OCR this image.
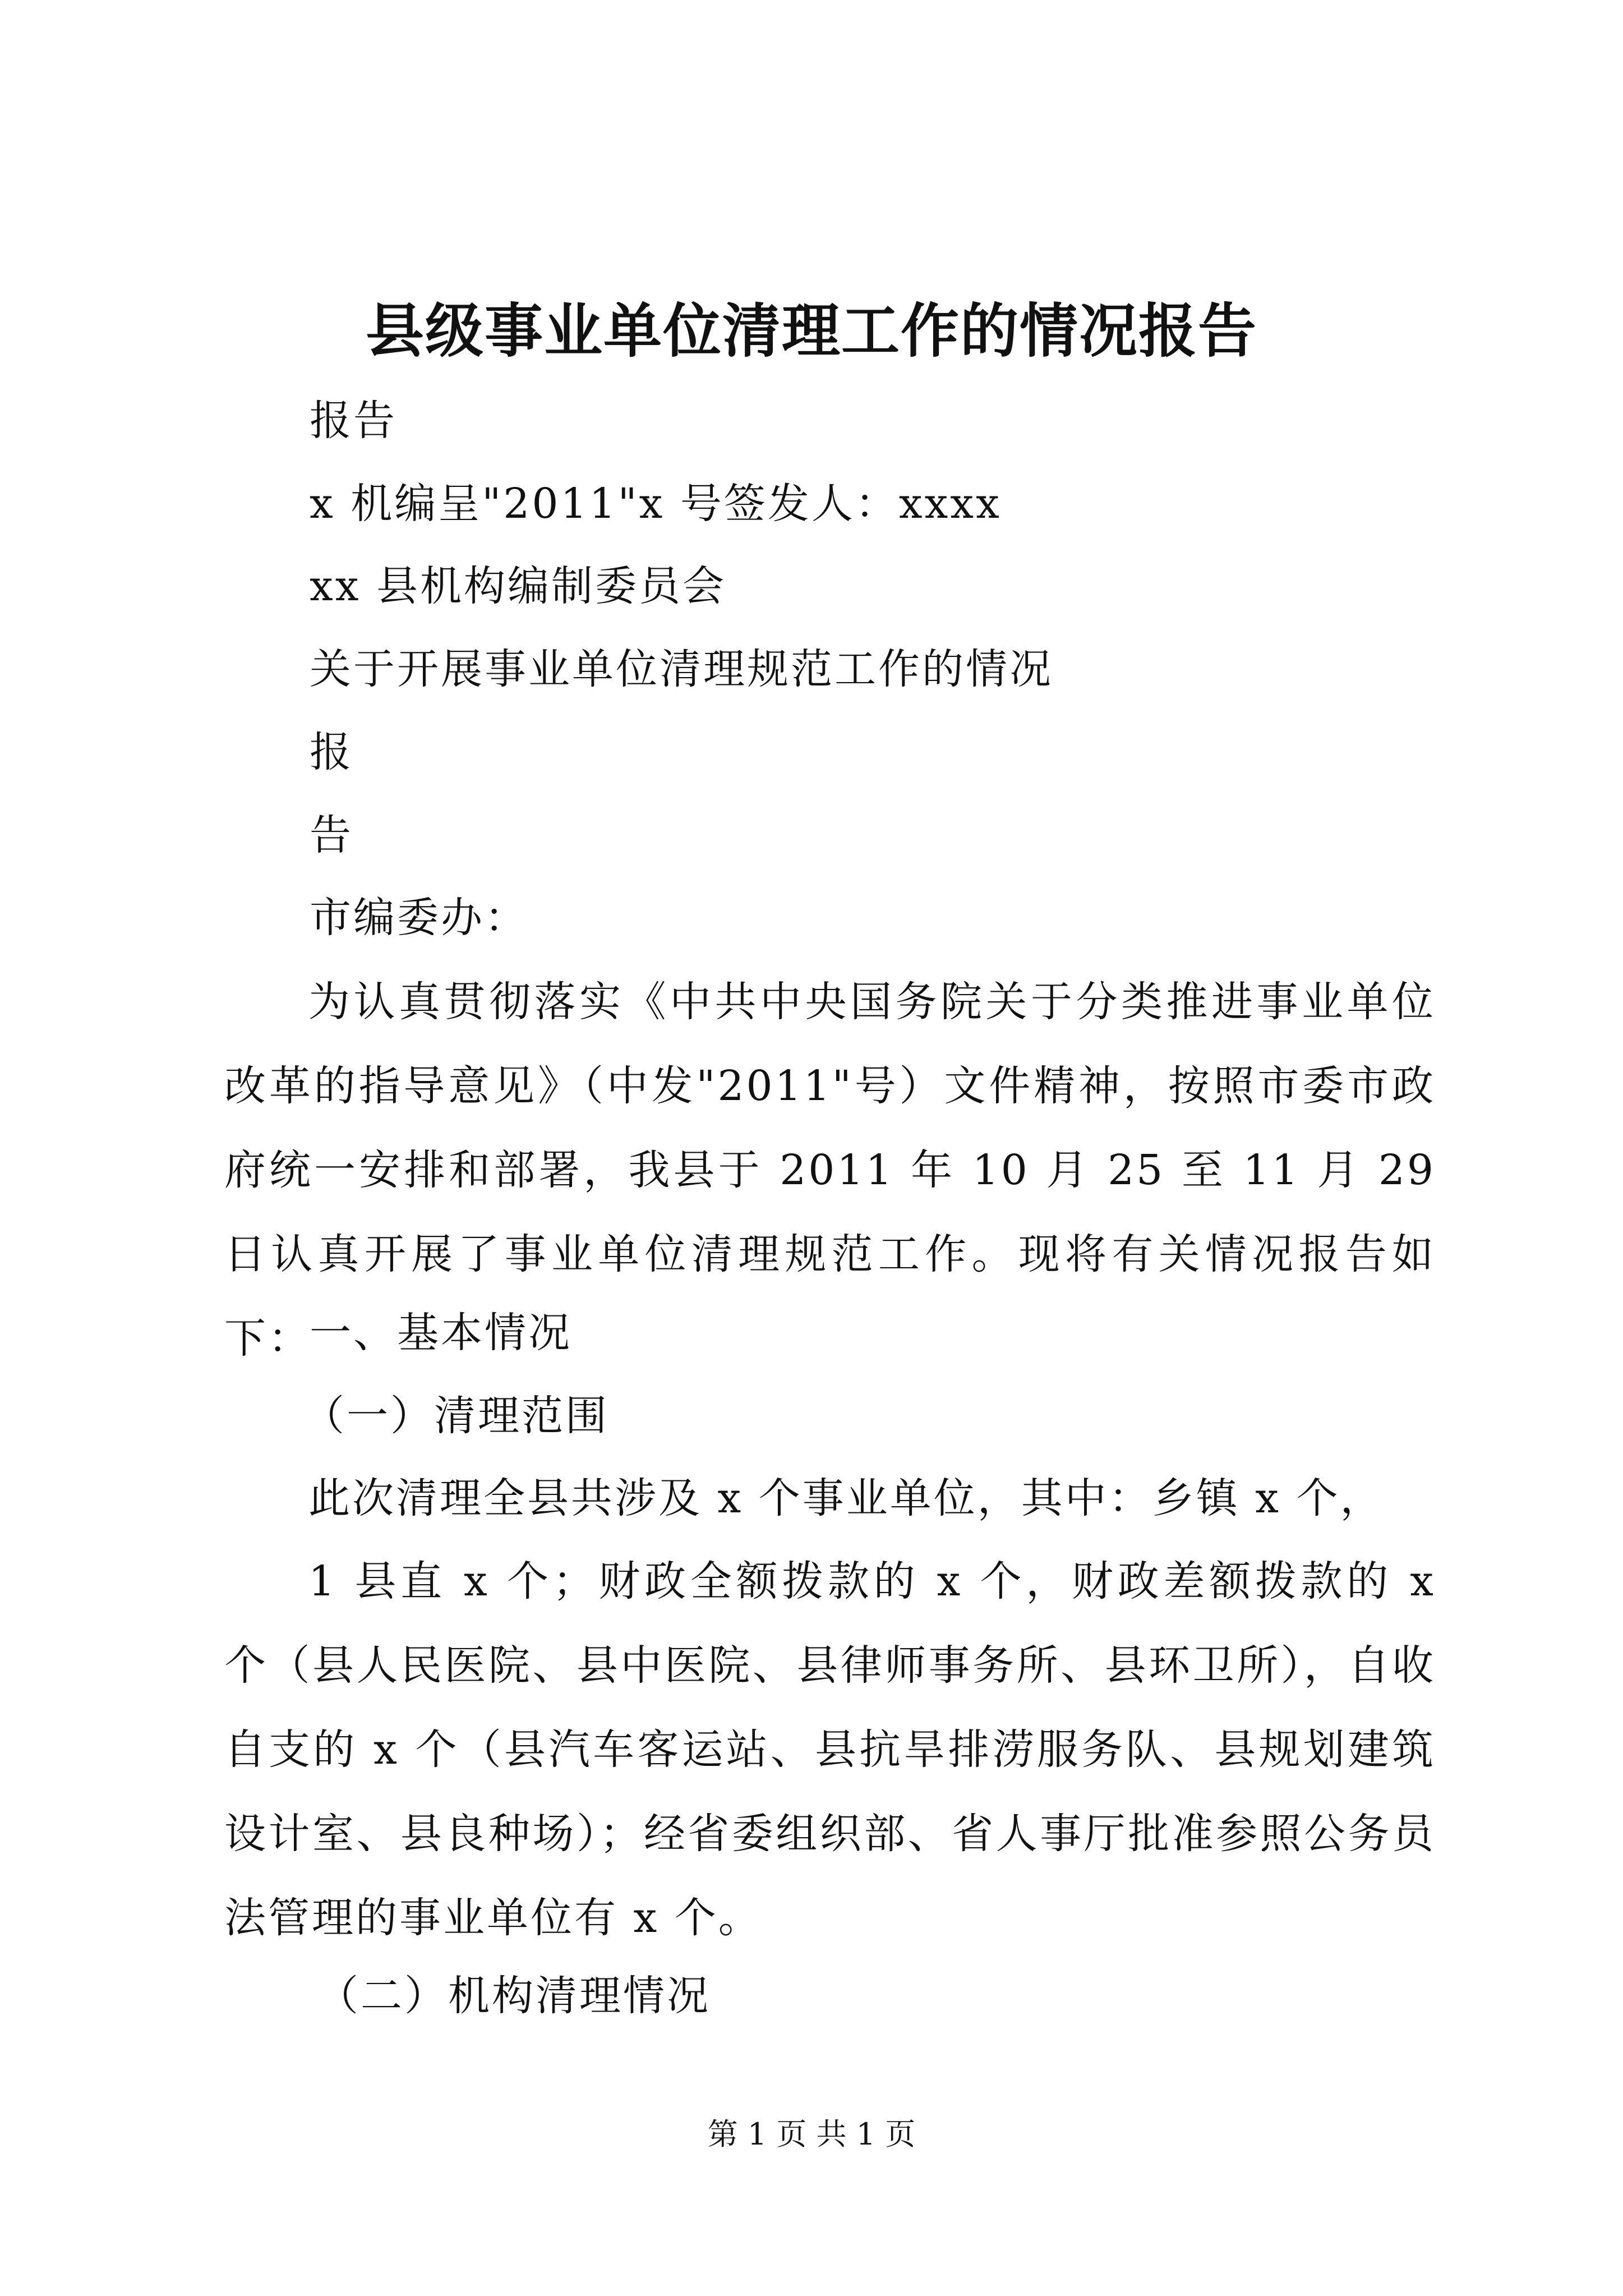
县级事业单位清理工作的情况报告

报告

x 机编呈"2011"x 号签发人：xxxx

xx 县机构编制委员会

关于开展事业单位清理规范工作的情况

报

告

市编委办：

为认真贯彻落实《中共中央国务院关于分类推进事业单位改革的指导意见》（中发"2011"号）文件精神，按照市委市政府统一安排和部署，我县于 2011 年 10 月 25 至 11 月 29 日认真开展了事业单位清理规范工作。现将有关情况报告如下：

一、基本情况

（一）清理范围

此次清理全县共涉及 x 个事业单位，其中：乡镇 x 个，

1 县直 x 个；财政全额拨款的 x 个，财政差额拨款的 x 个（县人民医院、县中医院、县律师事务所、县环卫所），自收自支的 x 个（县汽车客运站、县抗旱排涝服务队、县规划建筑设计室、县良种场）；经省委组织部、省人事厅批准参照公务员法管理的事业单位有 x 个。

（二）机构清理情况

第 1 页 共 1 页
